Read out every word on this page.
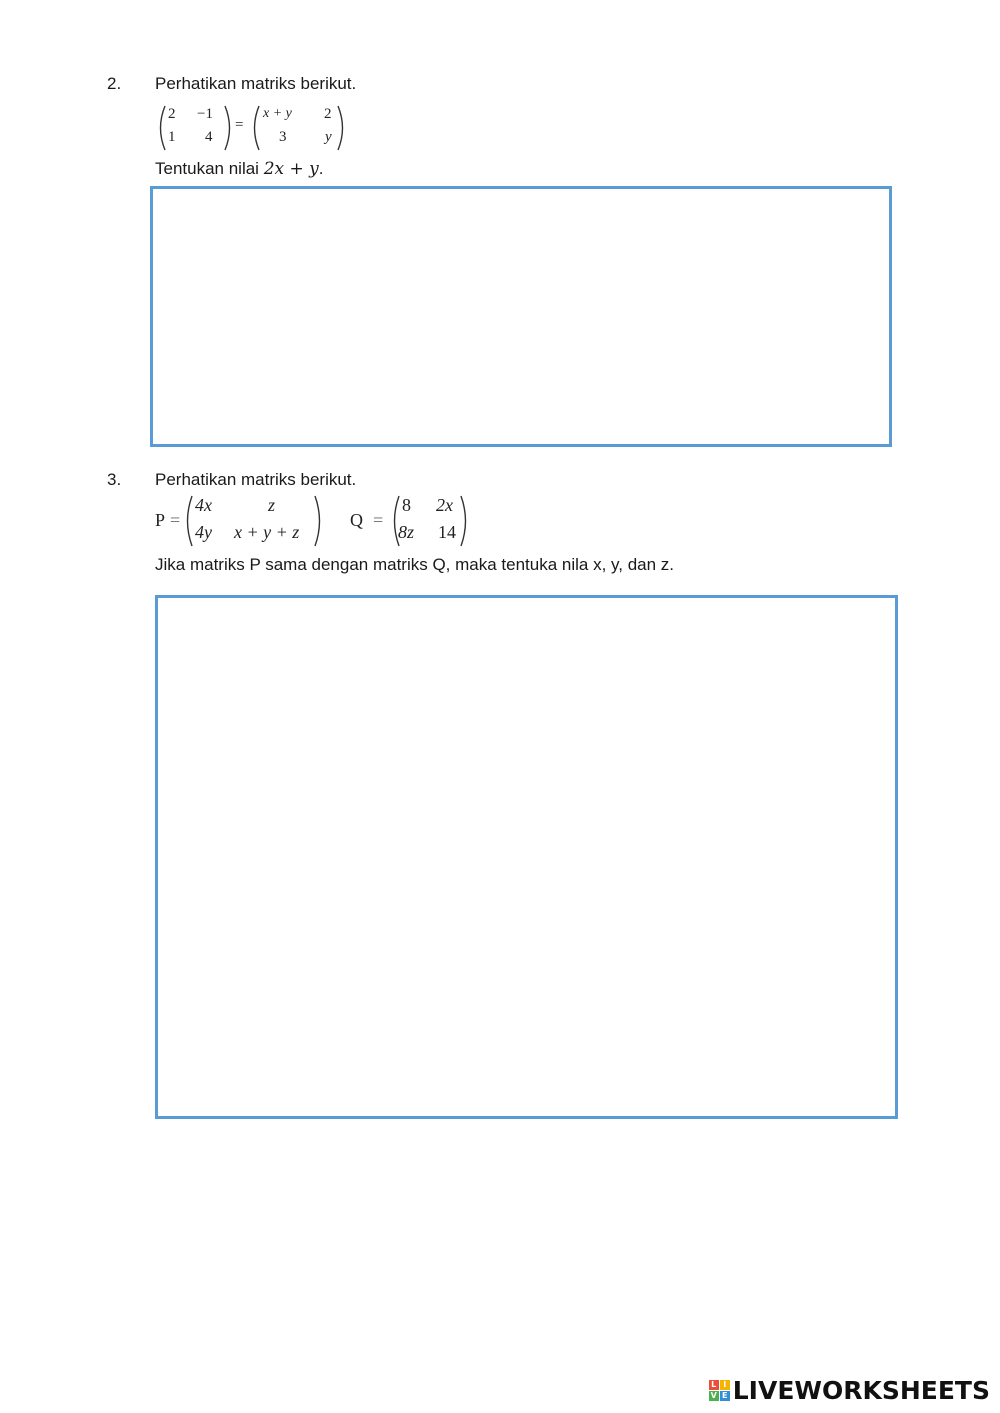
2. Perhatikan matriks berikut.
2 −1
1 4
=
x + y 2
3	y
Tentukan nilai 2x + y.
3. Perhatikan matriks berikut.
P =
4x	z
4y x + y + z
Q =
8 2x
8z 14
Jika matriks P sama dengan matriks Q, maka tentuka nila x, y, dan z.
L I
V E LIVEWORKSHEETS
